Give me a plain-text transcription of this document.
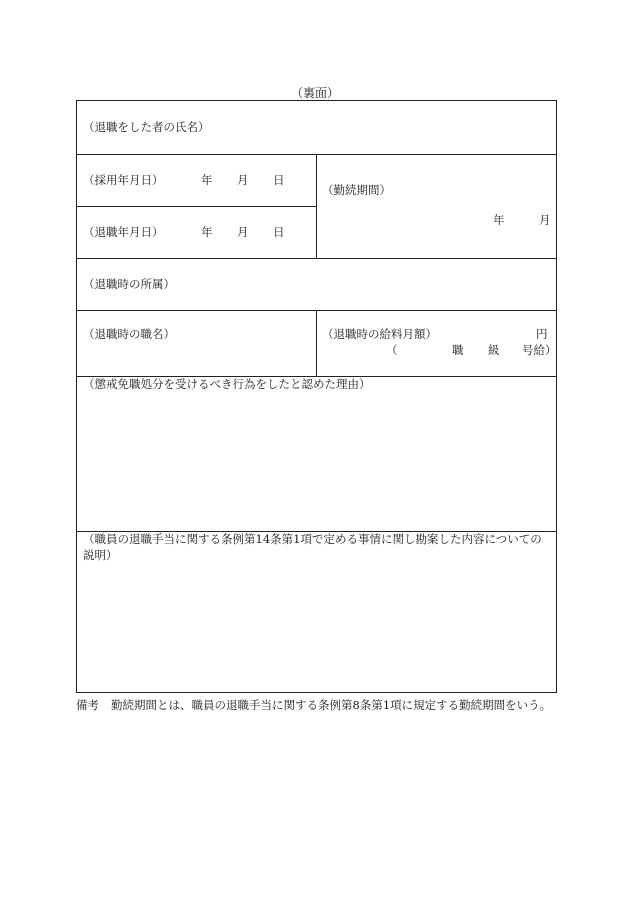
（裏面）
（退職をした者の氏名）
（採用年月日）	年 月 日
（退職年月日）	年 月 日
（勤続期間）
年	月
（退職時の所属）
（退職時の職名）	（退職時の給料月額）	円
（	職 級 号給）
（懲戒免職処分を受けるべき行為をしたと認めた理由）
（職員の退職手当に関する条例第14条第1項で定める事情に関し勘案した内容についての説明）
備考 勤続期間とは、職員の退職手当に関する条例第8条第1項に規定する勤続期間をいう。
